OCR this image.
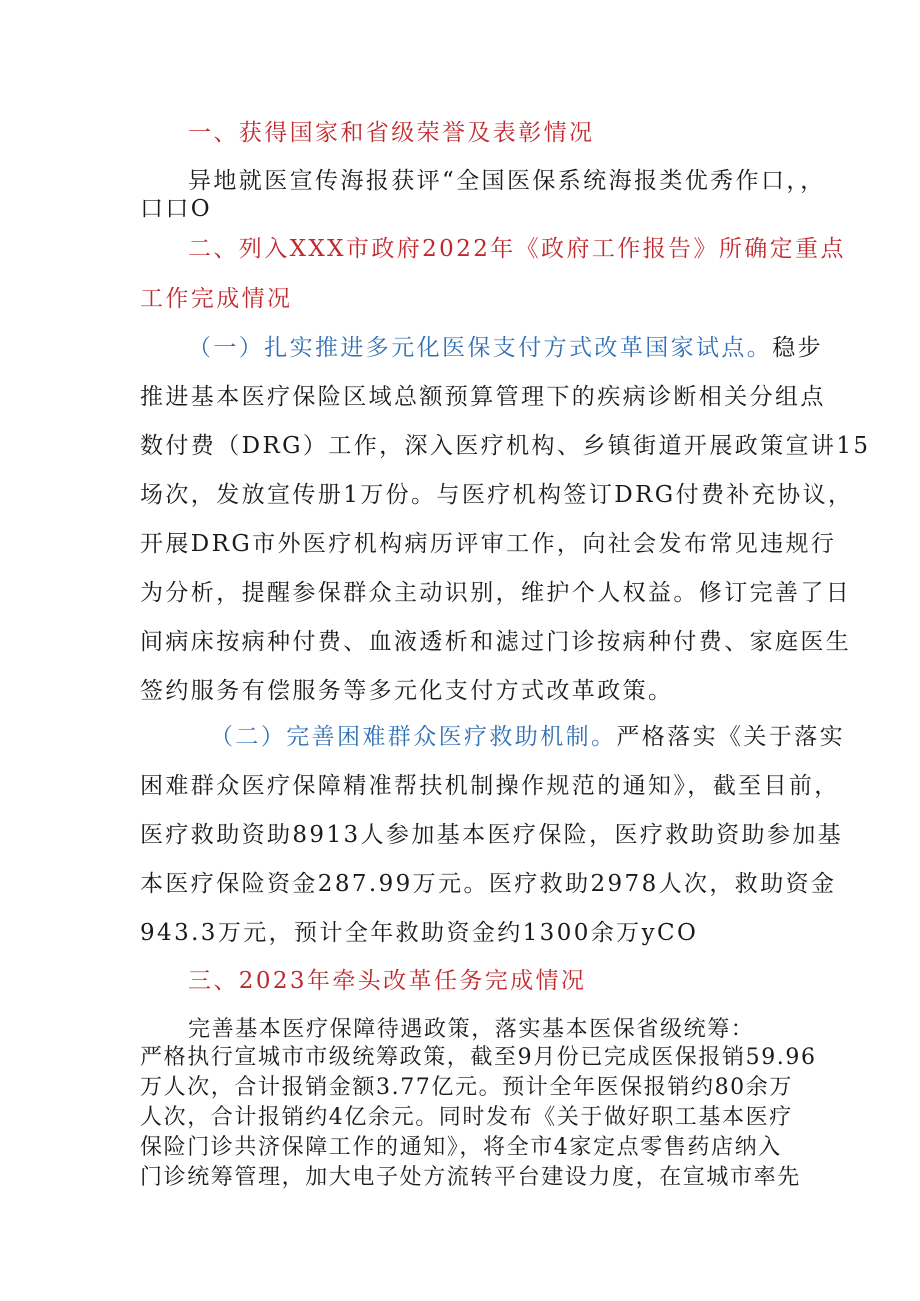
一、获得国家和省级荣誉及表彰情况
异地就医宣传海报获评“全国医保系统海报类优秀作口，，
口口O
二、列入XXX市政府2022年《政府工作报告》所确定重点
工作完成情况
（一）扎实推进多元化医保支付方式改革国家试点。稳步
推进基本医疗保险区域总额预算管理下的疾病诊断相关分组点
数付费（DRG）工作，深入医疗机构、乡镇街道开展政策宣讲15
场次，发放宣传册1万份。与医疗机构签订DRG付费补充协议，
开展DRG市外医疗机构病历评审工作，向社会发布常见违规行
为分析，提醒参保群众主动识别，维护个人权益。修订完善了日
间病床按病种付费、血液透析和滤过门诊按病种付费、家庭医生
签约服务有偿服务等多元化支付方式改革政策。
（二）完善困难群众医疗救助机制。严格落实《关于落实
困难群众医疗保障精准帮扶机制操作规范的通知》，截至目前，
医疗救助资助8913人参加基本医疗保险，医疗救助资助参加基
本医疗保险资金287.99万元。医疗救助2978人次，救助资金
943.3万元，预计全年救助资金约1300余万yCO
三、2023年牵头改革任务完成情况
完善基本医疗保障待遇政策，落实基本医保省级统筹：
严格执行宣城市市级统筹政策，截至9月份已完成医保报销59.96
万人次，合计报销金额3.77亿元。预计全年医保报销约80余万
人次，合计报销约4亿余元。同时发布《关于做好职工基本医疗
保险门诊共济保障工作的通知》，将全市4家定点零售药店纳入
门诊统筹管理，加大电子处方流转平台建设力度，在宣城市率先
